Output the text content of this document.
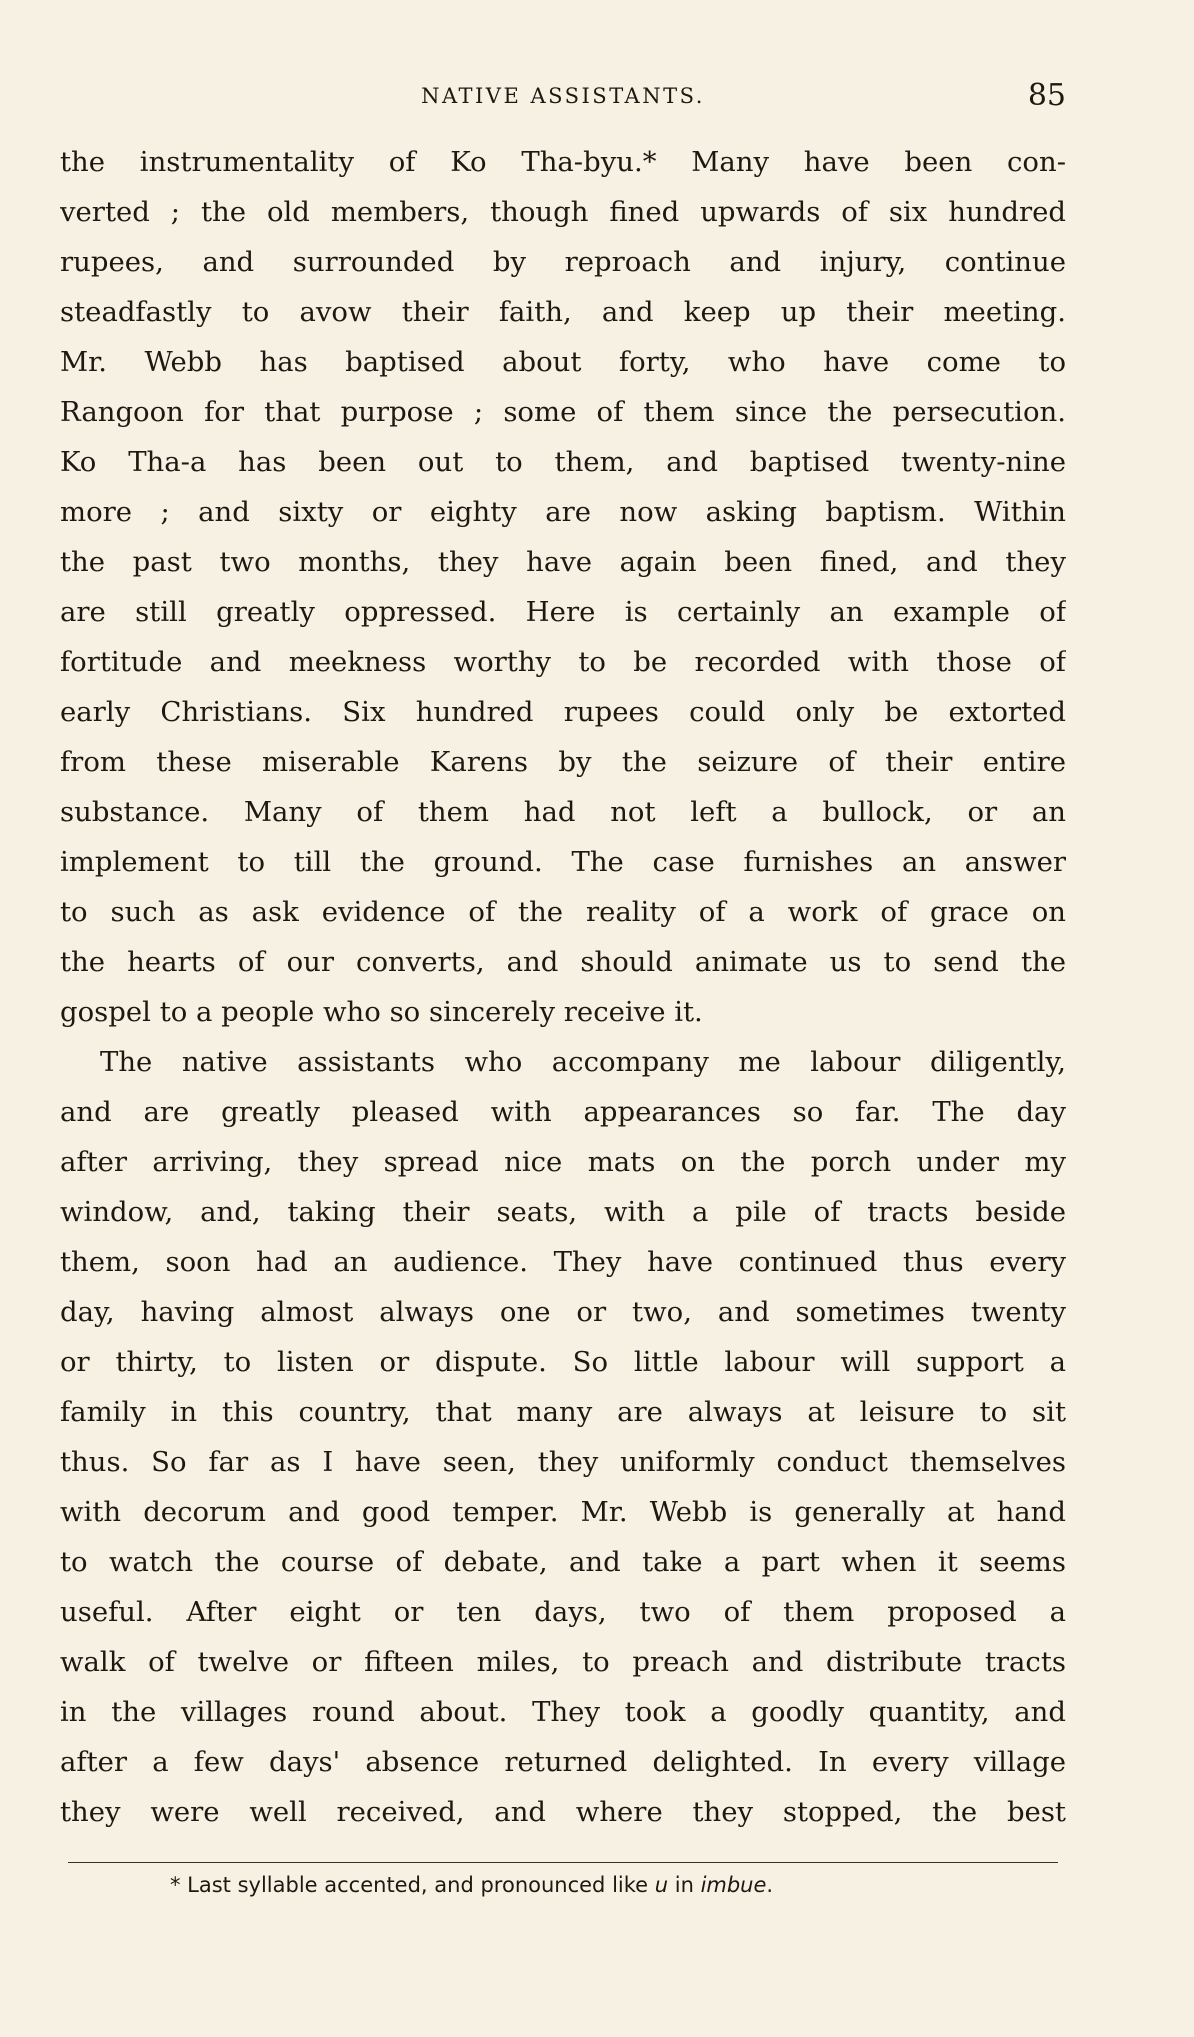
NATIVE ASSISTANTS.	85
the instrumentality of Ko Tha-byu.* Many have been con-
verted ; the old members, though fined upwards of six hundred
rupees, and surrounded by reproach and injury, continue
steadfastly to avow their faith, and keep up their meeting.
Mr. Webb has baptised about forty, who have come to
Rangoon for that purpose ; some of them since the persecution.
Ko Tha-a has been out to them, and baptised twenty-nine
more ; and sixty or eighty are now asking baptism. Within
the past two months, they have again been fined, and they
are still greatly oppressed. Here is certainly an example of
fortitude and meekness worthy to be recorded with those of
early Christians. Six hundred rupees could only be extorted
from these miserable Karens by the seizure of their entire
substance. Many of them had not left a bullock, or an
implement to till the ground. The case furnishes an answer
to such as ask evidence of the reality of a work of grace on
the hearts of our converts, and should animate us to send the
gospel to a people who so sincerely receive it.
The native assistants who accompany me labour diligently,
and are greatly pleased with appearances so far. The day
after arriving, they spread nice mats on the porch under my
window, and, taking their seats, with a pile of tracts beside
them, soon had an audience. They have continued thus every
day, having almost always one or two, and sometimes twenty
or thirty, to listen or dispute. So little labour will support a
family in this country, that many are always at leisure to sit
thus. So far as I have seen, they uniformly conduct themselves
with decorum and good temper. Mr. Webb is generally at hand
to watch the course of debate, and take a part when it seems
useful. After eight or ten days, two of them proposed a
walk of twelve or fifteen miles, to preach and distribute tracts
in the villages round about. They took a goodly quantity, and
after a few days' absence returned delighted. In every village
they were well received, and where they stopped, the best
* Last syllable accented, and pronounced like u in imbue.
